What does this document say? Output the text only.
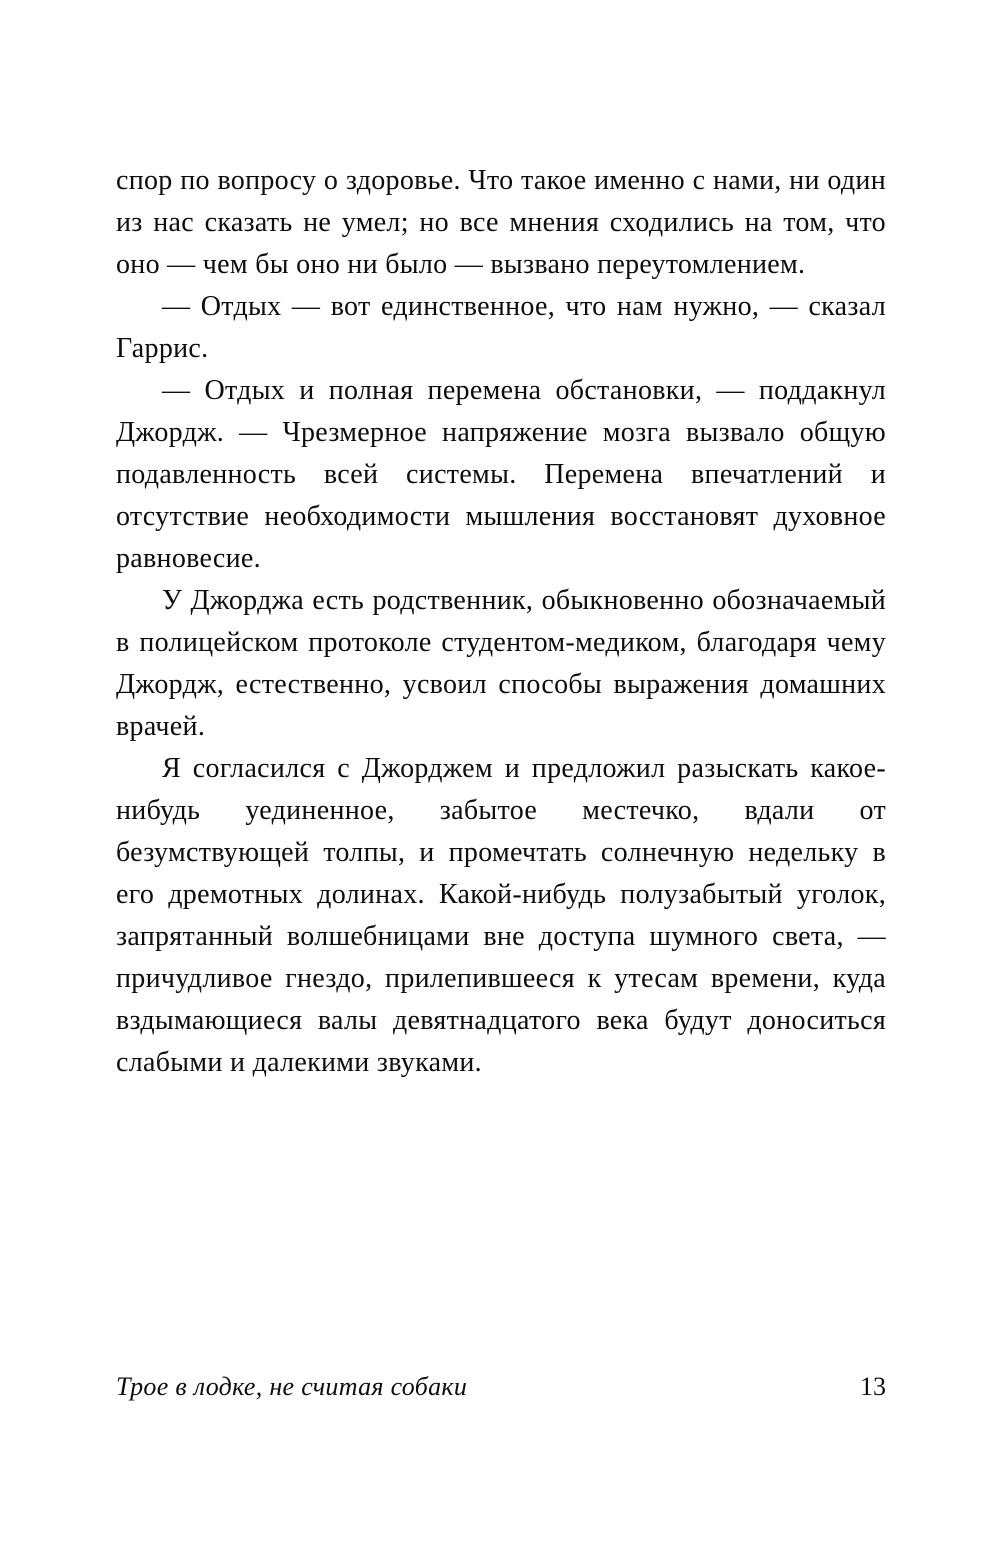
спор по вопросу о здоровье. Что такое именно с нами, ни один из нас сказать не умел; но все мнения сходились на том, что оно — чем бы оно ни было — вызвано переутомлением.

— Отдых — вот единственное, что нам нужно, — сказал Гаррис.

— Отдых и полная перемена обстановки, — поддакнул Джордж. — Чрезмерное напряжение мозга вызвало общую подавленность всей системы. Перемена впечатлений и отсутствие необходимости мышления восстановят духовное равновесие.

У Джорджа есть родственник, обыкновенно обозначаемый в полицейском протоколе студентом-медиком, благодаря чему Джордж, естественно, усвоил способы выражения домашних врачей.

Я согласился с Джорджем и предложил разыскать какое-нибудь уединенное, забытое местечко, вдали от безумствующей толпы, и промечтать солнечную недельку в его дремотных долинах. Какой-нибудь полузабытый уголок, запрятанный волшебницами вне доступа шумного света, — причудливое гнездо, прилепившееся к утесам времени, куда вздымающиеся валы девятнадцатого века будут доноситься слабыми и далекими звуками.

Трое в лодке, не считая собаки	13
